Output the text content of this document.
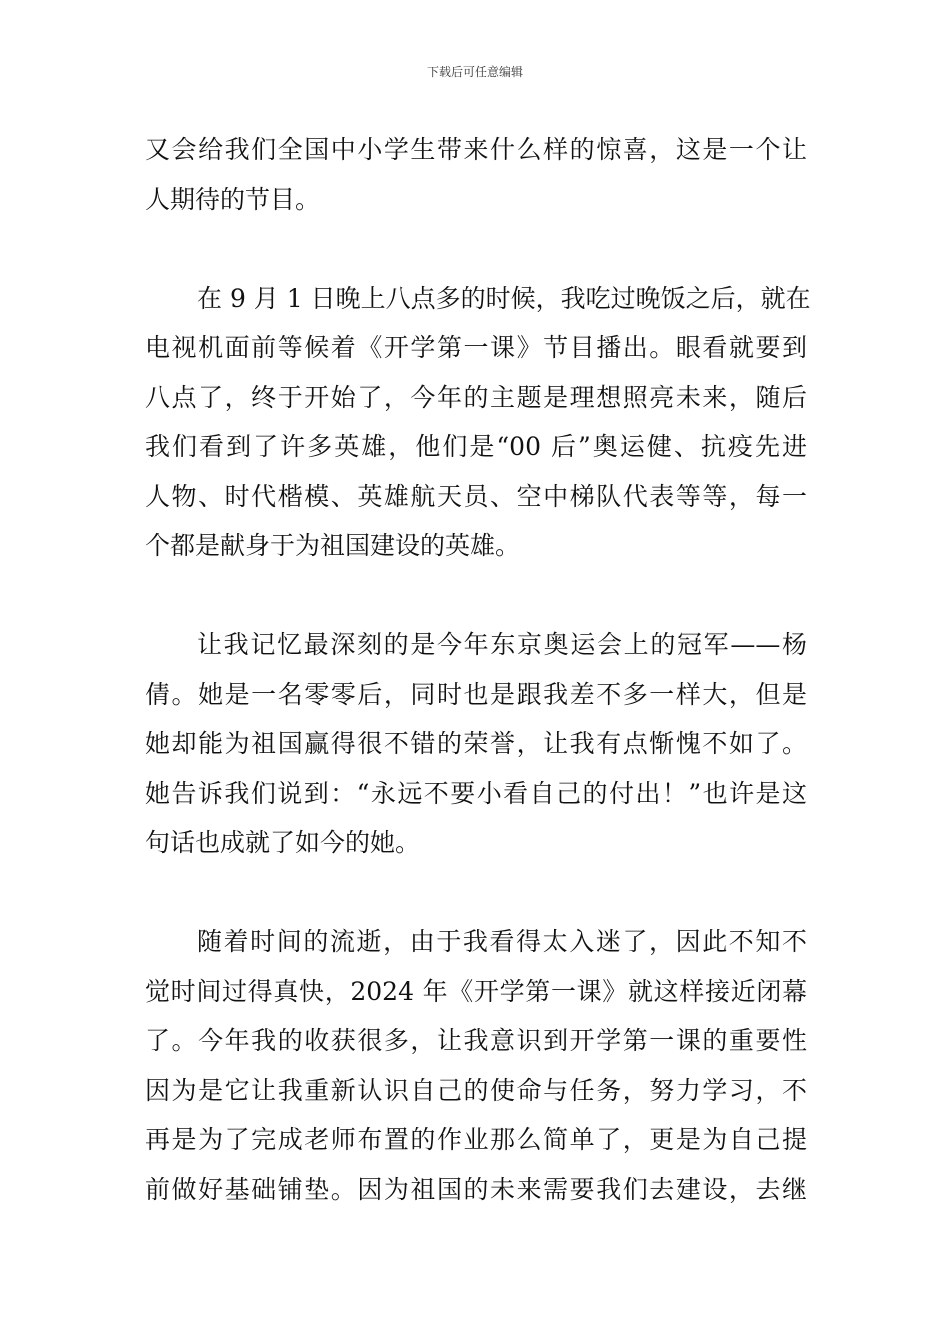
下载后可任意编辑
又会给我们全国中小学生带来什么样的惊喜，这是一个让
人期待的节目。
在 9 月 1 日晚上八点多的时候，我吃过晚饭之后，就在
电视机面前等候着《开学第一课》节目播出。眼看就要到
八点了，终于开始了，今年的主题是理想照亮未来，随后
我们看到了许多英雄，他们是“00 后”奥运健、抗疫先进
人物、时代楷模、英雄航天员、空中梯队代表等等，每一
个都是献身于为祖国建设的英雄。
让我记忆最深刻的是今年东京奥运会上的冠军——杨
倩。她是一名零零后，同时也是跟我差不多一样大，但是
她却能为祖国赢得很不错的荣誉，让我有点惭愧不如了。
她告诉我们说到：“永远不要小看自己的付出！”也许是这
句话也成就了如今的她。
随着时间的流逝，由于我看得太入迷了，因此不知不
觉时间过得真快，2024 年《开学第一课》就这样接近闭幕
了。今年我的收获很多，让我意识到开学第一课的重要性
因为是它让我重新认识自己的使命与任务，努力学习，不
再是为了完成老师布置的作业那么简单了，更是为自己提
前做好基础铺垫。因为祖国的未来需要我们去建设，去继
